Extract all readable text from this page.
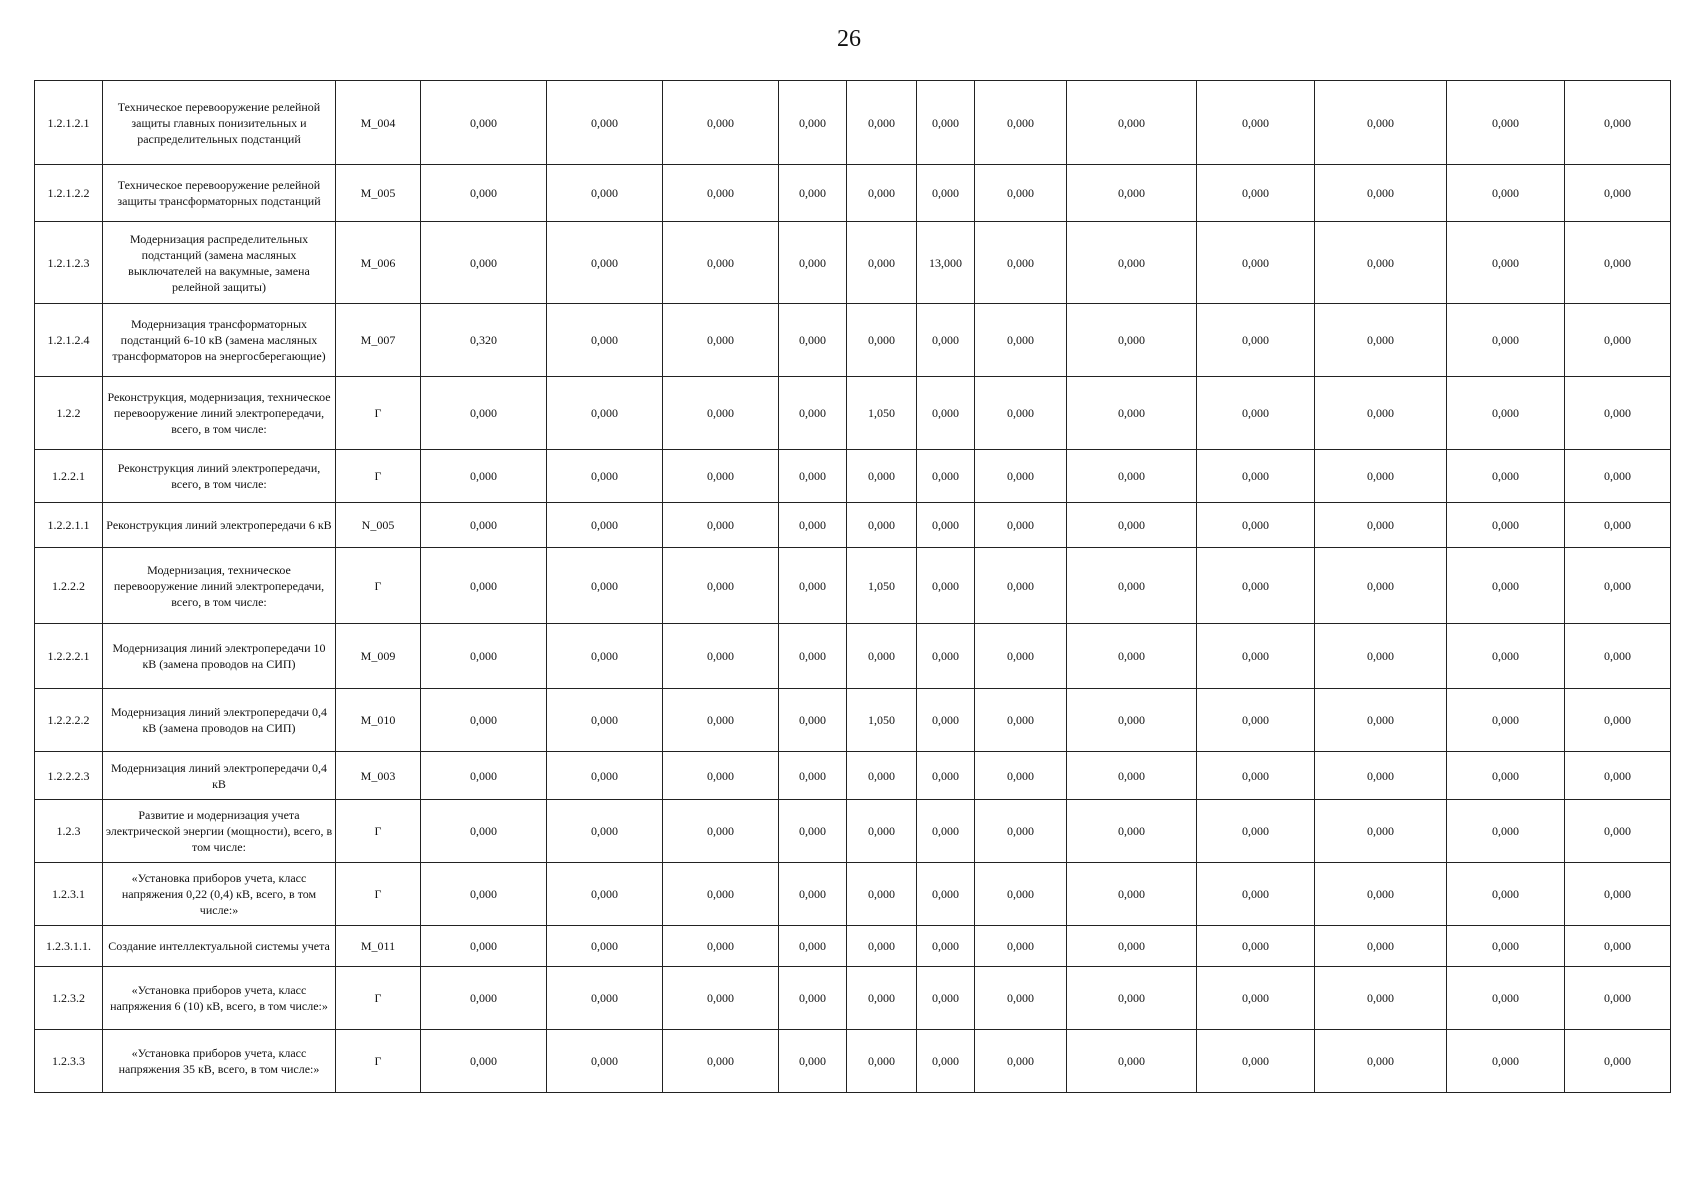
26
1.2.1.2.1	Техническое перевооружение релейной защиты главных понизительных и распределительных подстанций	M_004	0,000	0,000	0,000	0,000	0,000	0,000	0,000	0,000	0,000	0,000	0,000	0,000
1.2.1.2.2	Техническое перевооружение релейной защиты трансформаторных подстанций	M_005	0,000	0,000	0,000	0,000	0,000	0,000	0,000	0,000	0,000	0,000	0,000	0,000
1.2.1.2.3	Модернизация распределительных подстанций (замена масляных выключателей на вакумные, замена релейной защиты)	M_006	0,000	0,000	0,000	0,000	0,000	13,000	0,000	0,000	0,000	0,000	0,000	0,000
1.2.1.2.4	Модернизация трансформаторных подстанций 6-10 кВ (замена масляных трансформаторов на энергосберегающие)	M_007	0,320	0,000	0,000	0,000	0,000	0,000	0,000	0,000	0,000	0,000	0,000	0,000
1.2.2	Реконструкция, модернизация, техническое перевооружение линий электропередачи, всего, в том числе:	Г	0,000	0,000	0,000	0,000	1,050	0,000	0,000	0,000	0,000	0,000	0,000	0,000
1.2.2.1	Реконструкция линий электропередачи, всего, в том числе:	Г	0,000	0,000	0,000	0,000	0,000	0,000	0,000	0,000	0,000	0,000	0,000	0,000
1.2.2.1.1	Реконструкция линий электропередачи 6 кВ	N_005	0,000	0,000	0,000	0,000	0,000	0,000	0,000	0,000	0,000	0,000	0,000	0,000
1.2.2.2	Модернизация, техническое перевооружение линий электропередачи, всего, в том числе:	Г	0,000	0,000	0,000	0,000	1,050	0,000	0,000	0,000	0,000	0,000	0,000	0,000
1.2.2.2.1	Модернизация линий электропередачи 10 кВ (замена проводов на СИП)	M_009	0,000	0,000	0,000	0,000	0,000	0,000	0,000	0,000	0,000	0,000	0,000	0,000
1.2.2.2.2	Модернизация линий электропередачи 0,4 кВ (замена проводов на СИП)	M_010	0,000	0,000	0,000	0,000	1,050	0,000	0,000	0,000	0,000	0,000	0,000	0,000
1.2.2.2.3	Модернизация линий электропередачи 0,4 кВ	M_003	0,000	0,000	0,000	0,000	0,000	0,000	0,000	0,000	0,000	0,000	0,000	0,000
1.2.3	Развитие и модернизация учета электрической энергии (мощности), всего, в том числе:	Г	0,000	0,000	0,000	0,000	0,000	0,000	0,000	0,000	0,000	0,000	0,000	0,000
1.2.3.1	«Установка приборов учета, класс напряжения 0,22 (0,4) кВ, всего, в том числе:»	Г	0,000	0,000	0,000	0,000	0,000	0,000	0,000	0,000	0,000	0,000	0,000	0,000
1.2.3.1.1.	Создание интеллектуальной системы учета	M_011	0,000	0,000	0,000	0,000	0,000	0,000	0,000	0,000	0,000	0,000	0,000	0,000
1.2.3.2	«Установка приборов учета, класс напряжения 6 (10) кВ, всего, в том числе:»	Г	0,000	0,000	0,000	0,000	0,000	0,000	0,000	0,000	0,000	0,000	0,000	0,000
1.2.3.3	«Установка приборов учета, класс напряжения 35 кВ, всего, в том числе:»	Г	0,000	0,000	0,000	0,000	0,000	0,000	0,000	0,000	0,000	0,000	0,000	0,000
